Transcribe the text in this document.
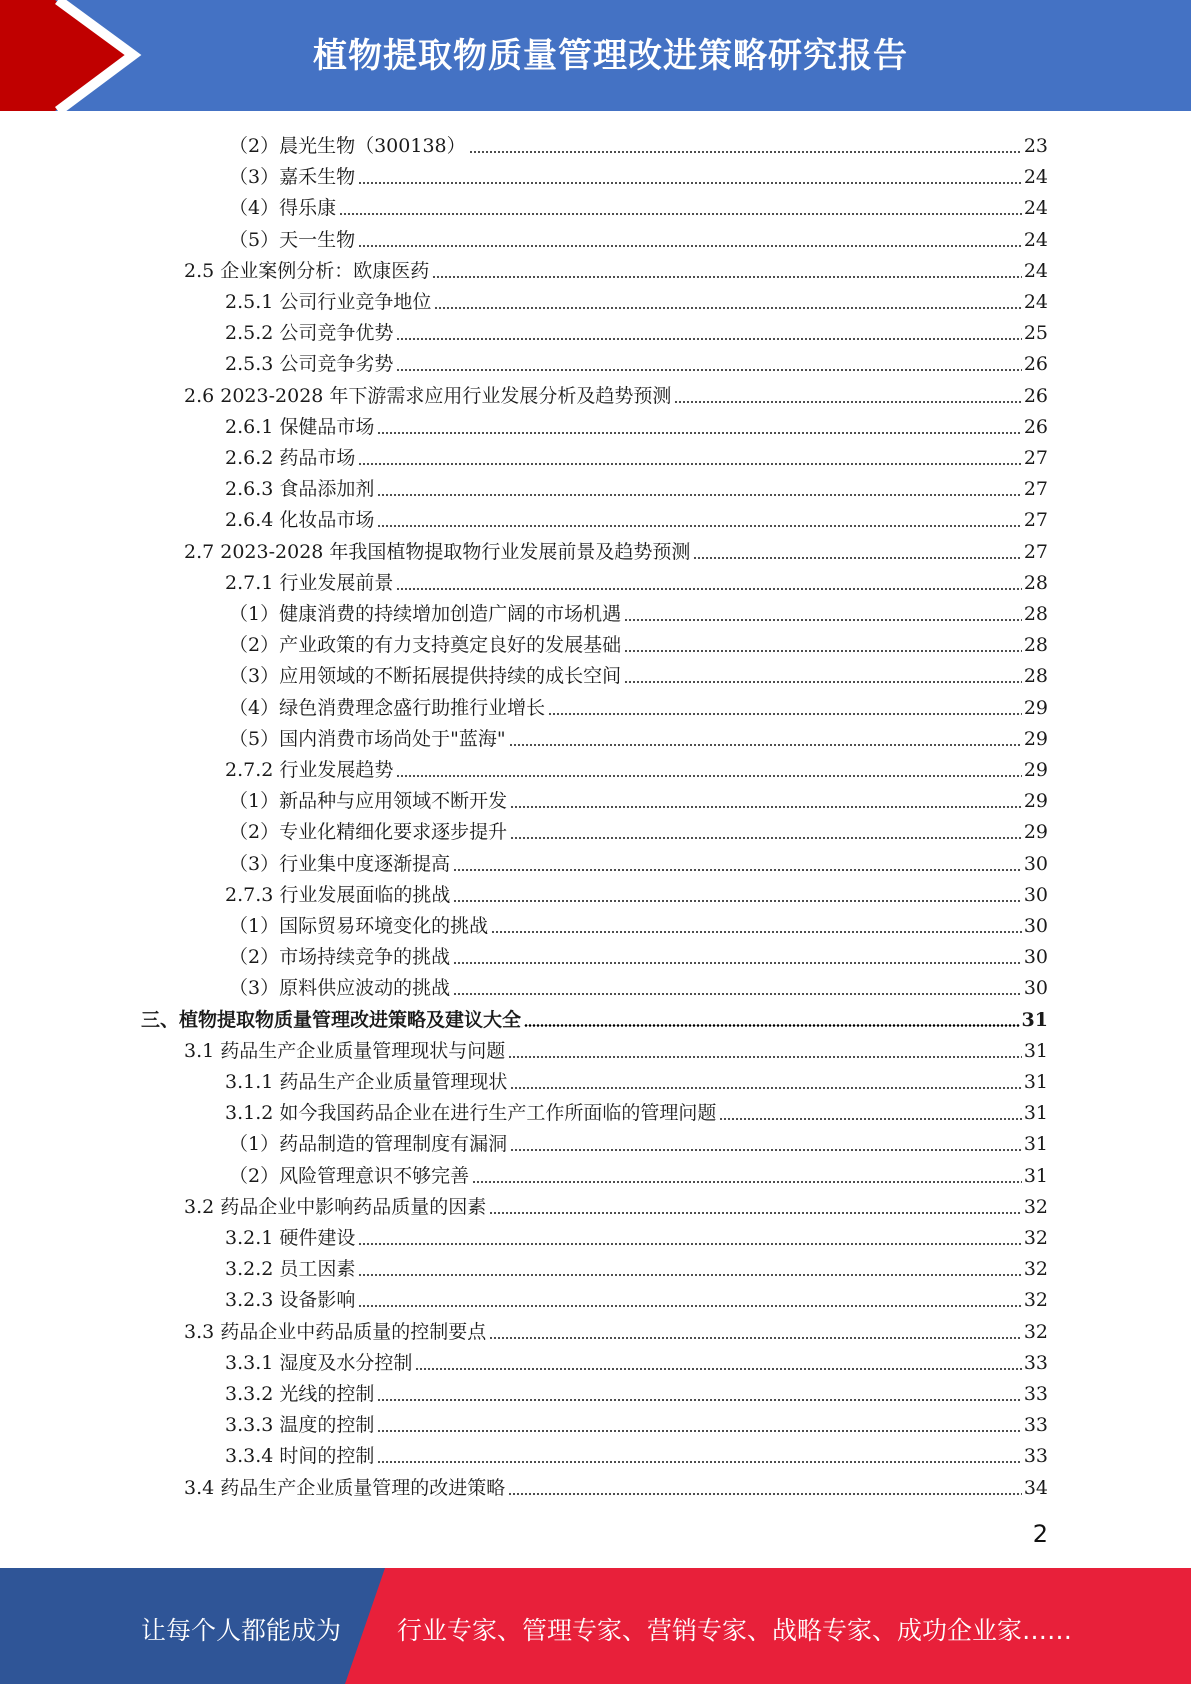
植物提取物质量管理改进策略研究报告
（2）晨光生物（300138）	23
（3）嘉禾生物	24
（4）得乐康	24
（5）天一生物	24
2.5 企业案例分析：欧康医药	24
2.5.1 公司行业竞争地位	24
2.5.2 公司竞争优势	25
2.5.3 公司竞争劣势	26
2.6 2023-2028 年下游需求应用行业发展分析及趋势预测	26
2.6.1 保健品市场	26
2.6.2 药品市场	27
2.6.3 食品添加剂	27
2.6.4 化妆品市场	27
2.7 2023-2028 年我国植物提取物行业发展前景及趋势预测	27
2.7.1 行业发展前景	28
（1）健康消费的持续增加创造广阔的市场机遇	28
（2）产业政策的有力支持奠定良好的发展基础	28
（3）应用领域的不断拓展提供持续的成长空间	28
（4）绿色消费理念盛行助推行业增长	29
（5）国内消费市场尚处于"蓝海"	29
2.7.2 行业发展趋势	29
（1）新品种与应用领域不断开发	29
（2）专业化精细化要求逐步提升	29
（3）行业集中度逐渐提高	30
2.7.3 行业发展面临的挑战	30
（1）国际贸易环境变化的挑战	30
（2）市场持续竞争的挑战	30
（3）原料供应波动的挑战	30
三、植物提取物质量管理改进策略及建议大全	31
3.1 药品生产企业质量管理现状与问题	31
3.1.1 药品生产企业质量管理现状	31
3.1.2 如今我国药品企业在进行生产工作所面临的管理问题	31
（1）药品制造的管理制度有漏洞	31
（2）风险管理意识不够完善	31
3.2 药品企业中影响药品质量的因素	32
3.2.1 硬件建设	32
3.2.2 员工因素	32
3.2.3 设备影响	32
3.3 药品企业中药品质量的控制要点	32
3.3.1 湿度及水分控制	33
3.3.2 光线的控制	33
3.3.3 温度的控制	33
3.3.4 时间的控制	33
3.4 药品生产企业质量管理的改进策略	34
2
让每个人都能成为 行业专家、管理专家、营销专家、战略专家、成功企业家……
